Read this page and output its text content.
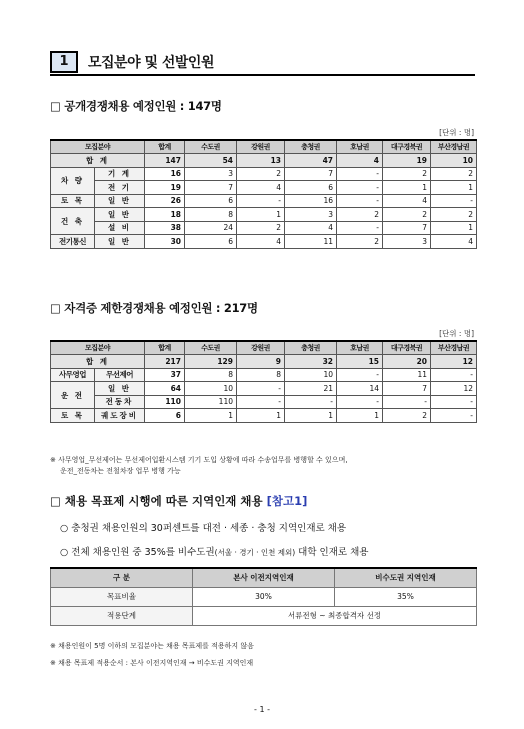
1	모집분야 및 선발인원
□ 공개경쟁채용 예정인원 : 147명
[단위 : 명]
모집분야		합계	수도권	강원권	충청권	호남권	대구경북권	부산경남권
합 계		147	54	13	47	4	19	10
차 량	기 계	16	3	2	7	-	2	2
	전 기	19	7	4	6	-	1	1
토 목	일 반	26	6	-	16	-	4	-
건 축	일 반	18	8	1	3	2	2	2
	설 비	38	24	2	4	-	7	1
전기통신	일 반	30	6	4	11	2	3	4
□ 자격증 제한경쟁채용 예정인원 : 217명
[단위 : 명]
모집분야		합계	수도권	강원권	충청권	호남권	대구경북권	부산경남권
합 계		217	129	9	32	15	20	12
사무영업	무선제어	37	8	8	10	-	11	-
운 전	일 반	64	10	-	21	14	7	12
	전동차	110	110	-	-	-	-	-
토 목	궤도장비	6	1	1	1	1	2	-
※ 사무영업_무선제어는 무선제어입환시스템 기기 도입 상황에 따라 수송업무를 병행할 수 있으며,
운전_전동차는 전철차장 업무 병행 가능
□ 채용 목표제 시행에 따른 지역인재 채용 [참고1]
○ 충청권 채용인원의 30퍼센트를 대전 · 세종 · 충청 지역인재로 채용
○ 전체 채용인원 중 35%를 비수도권(서울 · 경기 · 인천 제외) 대학 인재로 채용
구 분	본사 이전지역인재	비수도권 지역인재
목표비율	30%	35%
적용단계	서류전형 ~ 최종합격자 선정	
※ 채용인원이 5명 이하의 모집분야는 채용 목표제를 적용하지 않음
※ 채용 목표제 적용순서 : 본사 이전지역인재 → 비수도권 지역인재
- 1 -
